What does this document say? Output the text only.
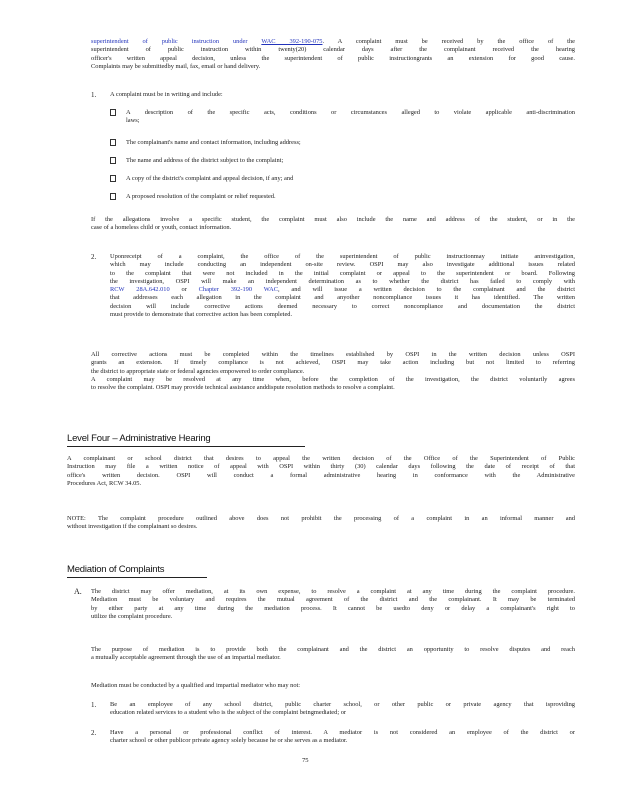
superintendent of public instruction under WAC 392-190-075. A complaint must be received by the office of the
superintendent of public instruction within twenty(20) calendar days after the complainant received the hearing
officer's written appeal decision, unless the superintendent of public instructiongrants an extension for good cause.
Complaints may be submittedby mail, fax, email or hand delivery.
1. A complaint must be in writing and include:
A description of the specific acts, conditions or circumstances alleged to violate applicable anti-discrimination
laws;
The complainant's name and contact information, including address;
The name and address of the district subject to the complaint;
A copy of the district's complaint and appeal decision, if any; and
A proposed resolution of the complaint or relief requested.
If the allegations involve a specific student, the complaint must also include the name and address of the student, or in the
case of a homeless child or youth, contact information.
2. Uponreceipt of a complaint, the office of the superintendent of public instructionmay initiate aninvestigation,
which may include conducting an independent on-site review. OSPI may also investigate additional issues related
to the complaint that were not included in the initial complaint or appeal to the superintendent or board. Following
the investigation, OSPI will make an independent determination as to whether the district has failed to comply with
RCW 28A.642.010 or Chapter 392-190 WAC, and will issue a written decision to the complainant and the district
that addresses each allegation in the complaint and anyother noncompliance issues it has identified. The written
decision will include corrective actions deemed necessary to correct noncompliance and documentation the district
must provide to demonstrate that corrective action has been completed.
All corrective actions must be completed within the timelines established by OSPI in the written decision unless OSPI
grants an extension. If timely compliance is not achieved, OSPI may take action including but not limited to referring
the district to appropriate state or federal agencies empowered to order compliance.
A complaint may be resolved at any time when, before the completion of the investigation, the district voluntarily agrees
to resolve the complaint. OSPI may provide technical assistance anddispute resolution methods to resolve a complaint.
Level Four – Administrative Hearing
A complainant or school district that desires to appeal the written decision of the Office of the Superintendent of Public
Instruction may file a written notice of appeal with OSPI within thirty (30) calendar days following the date of receipt of that
office's written decision. OSPI will conduct a formal administrative hearing in conformance with the Administrative
Procedures Act, RCW 34.05.
NOTE: The complaint procedure outlined above does not prohibit the processing of a complaint in an informal manner and
without investigation if the complainant so desires.
Mediation of Complaints
A. The district may offer mediation, at its own expense, to resolve a complaint at any time during the complaint procedure.
Mediation must be voluntary and requires the mutual agreement of the district and the complainant. It may be terminated
by either party at any time during the mediation process. It cannot be usedto deny or delay a complainant's right to
utilize the complaint procedure.
The purpose of mediation is to provide both the complainant and the district an opportunity to resolve disputes and reach
a mutually acceptable agreement through the use of an impartial mediator.
Mediation must be conducted by a qualified and impartial mediator who may not:
1. Be an employee of any school district, public charter school, or other public or private agency that isproviding
education related services to a student who is the subject of the complaint beingmediated; or
2. Have a personal or professional conflict of interest. A mediator is not considered an employee of the district or
charter school or other publicor private agency solely because he or she serves as a mediator.
75
